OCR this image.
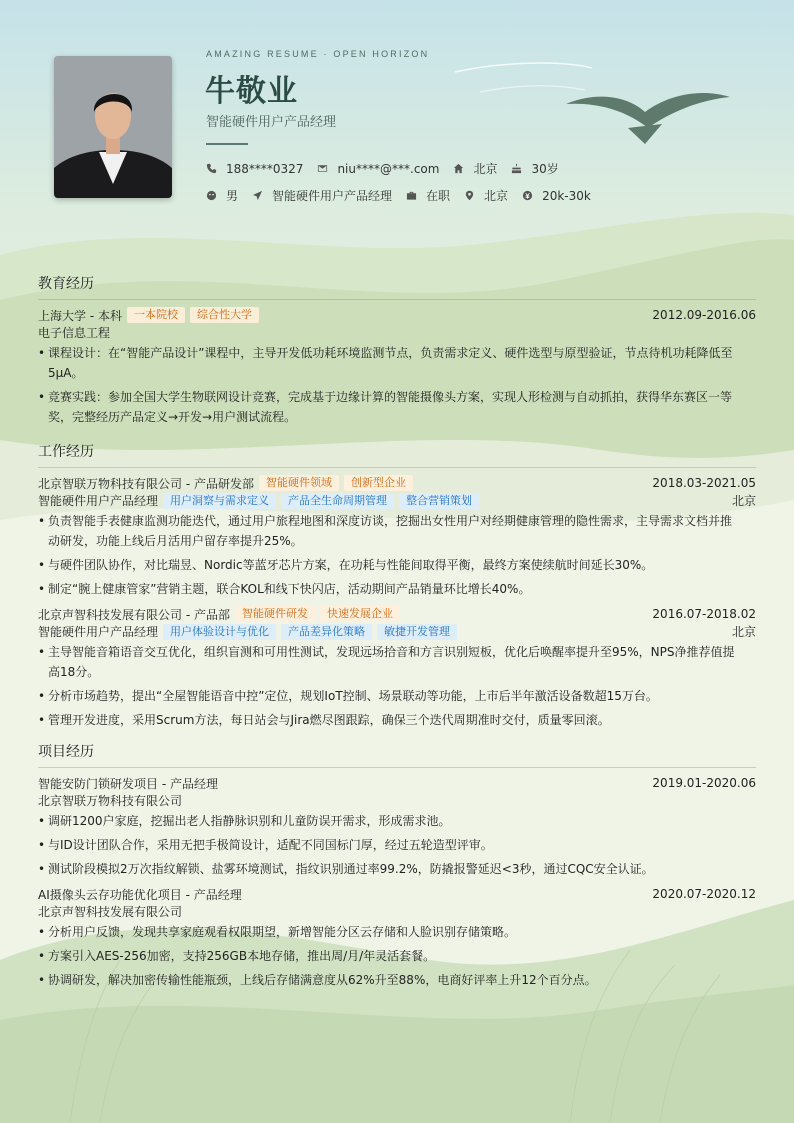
AMAZING RESUME · OPEN HORIZON
牛敬业
智能硬件用户产品经理
188****0327	niu****@***.com	北京	30岁
男	智能硬件用户产品经理	在职	北京	20k-30k
教育经历
上海大学 - 本科	一本院校	综合性大学	2012.09-2016.06
电子信息工程
• 课程设计：在“智能产品设计”课程中，主导开发低功耗环境监测节点，负责需求定义、硬件选型与原型验证，节点待机功耗降低至5μA。
• 竞赛实践：参加全国大学生物联网设计竞赛，完成基于边缘计算的智能摄像头方案，实现人形检测与自动抓拍，获得华东赛区一等奖，完整经历产品定义→开发→用户测试流程。
工作经历
北京智联万物科技有限公司 - 产品研发部	智能硬件领域	创新型企业	2018.03-2021.05
智能硬件用户产品经理	用户洞察与需求定义	产品全生命周期管理	整合营销策划	北京
• 负责智能手表健康监测功能迭代，通过用户旅程地图和深度访谈，挖掘出女性用户对经期健康管理的隐性需求，主导需求文档并推动研发，功能上线后月活用户留存率提升25%。
• 与硬件团队协作，对比瑞昱、Nordic等蓝牙芯片方案，在功耗与性能间取得平衡，最终方案使续航时间延长30%。
• 制定“腕上健康管家”营销主题，联合KOL和线下快闪店，活动期间产品销量环比增长40%。
北京声智科技发展有限公司 - 产品部	智能硬件研发	快速发展企业	2016.07-2018.02
智能硬件用户产品经理	用户体验设计与优化	产品差异化策略	敏捷开发管理	北京
• 主导智能音箱语音交互优化，组织盲测和可用性测试，发现远场拾音和方言识别短板，优化后唤醒率提升至95%，NPS净推荐值提高18分。
• 分析市场趋势，提出“全屋智能语音中控”定位，规划IoT控制、场景联动等功能，上市后半年激活设备数超15万台。
• 管理开发进度，采用Scrum方法，每日站会与Jira燃尽图跟踪，确保三个迭代周期准时交付，质量零回滚。
项目经历
智能安防门锁研发项目 - 产品经理	2019.01-2020.06
北京智联万物科技有限公司
• 调研1200户家庭，挖掘出老人指静脉识别和儿童防误开需求，形成需求池。
• 与ID设计团队合作，采用无把手极简设计，适配不同国标门厚，经过五轮造型评审。
• 测试阶段模拟2万次指纹解锁、盐雾环境测试，指纹识别通过率99.2%，防撬报警延迟<3秒，通过CQC安全认证。
AI摄像头云存功能优化项目 - 产品经理	2020.07-2020.12
北京声智科技发展有限公司
• 分析用户反馈，发现共享家庭观看权限期望，新增智能分区云存储和人脸识别存储策略。
• 方案引入AES-256加密，支持256GB本地存储，推出周/月/年灵活套餐。
• 协调研发，解决加密传输性能瓶颈，上线后存储满意度从62%升至88%，电商好评率上升12个百分点。
